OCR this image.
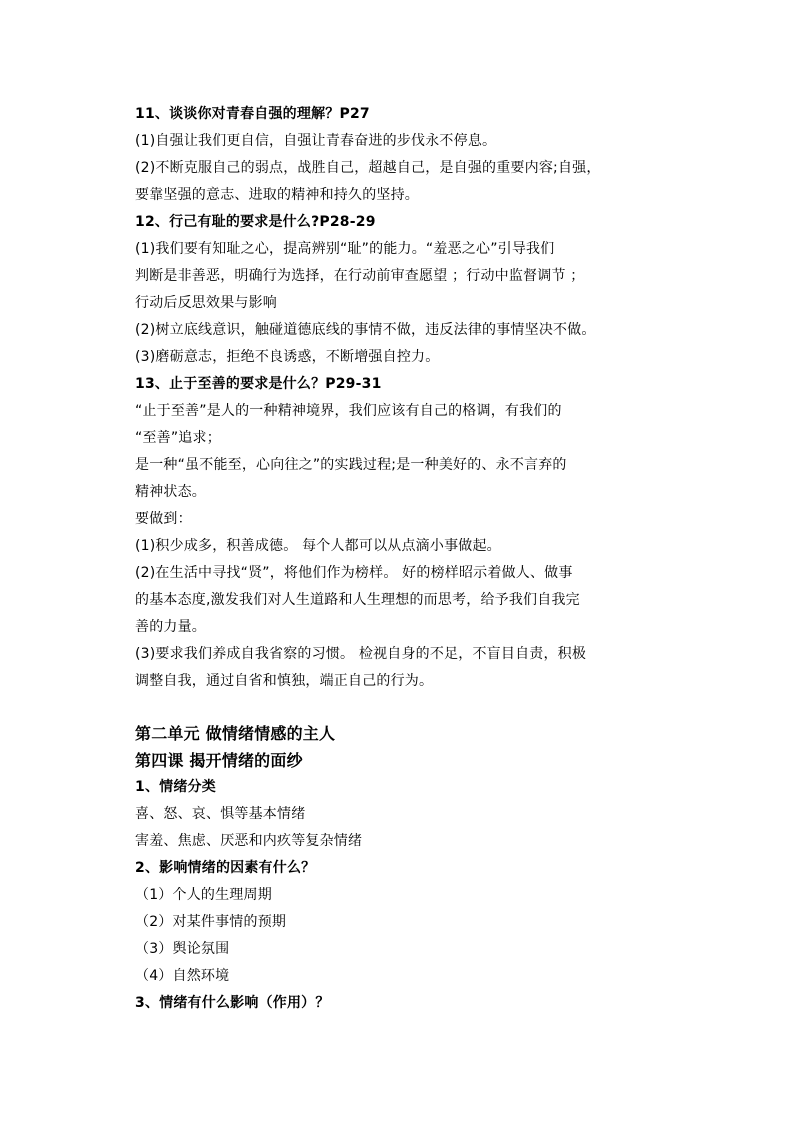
11、谈谈你对青春自强的理解？P27
(1)自强让我们更自信，自强让青春奋进的步伐永不停息。
(2)不断克服自己的弱点，战胜自己，超越自己，是自强的重要内容;自强，
要靠坚强的意志、进取的精神和持久的坚持。
12、行己有耻的要求是什么?P28-29
(1)我们要有知耻之心，提高辨别“耻”的能力。“羞恶之心”引导我们
判断是非善恶，明确行为选择，在行动前审查愿望 ；行动中监督调节 ；
行动后反思效果与影响
(2)树立底线意识，触碰道德底线的事情不做，违反法律的事情坚决不做。
(3)磨砺意志，拒绝不良诱惑，不断增强自控力。
13、止于至善的要求是什么？P29-31
“止于至善”是人的一种精神境界，我们应该有自己的格调，有我们的
“至善”追求；
是一种“虽不能至，心向往之”的实践过程;是一种美好的、永不言弃的
精神状态。
要做到：
(1)积少成多，积善成德。 每个人都可以从点滴小事做起。
(2)在生活中寻找“贤”，将他们作为榜样。 好的榜样昭示着做人、做事
的基本态度,激发我们对人生道路和人生理想的而思考，给予我们自我完
善的力量。
(3)要求我们养成自我省察的习惯。 检视自身的不足，不盲目自责，积极
调整自我，通过自省和慎独，端正自己的行为。
第二单元 做情绪情感的主人
第四课 揭开情绪的面纱
1、情绪分类
喜、怒、哀、惧等基本情绪
害羞、焦虑、厌恶和内疚等复杂情绪
2、影响情绪的因素有什么？
（1）个人的生理周期
（2）对某件事情的预期
（3）舆论氛围
（4）自然环境
3、情绪有什么影响（作用）？
